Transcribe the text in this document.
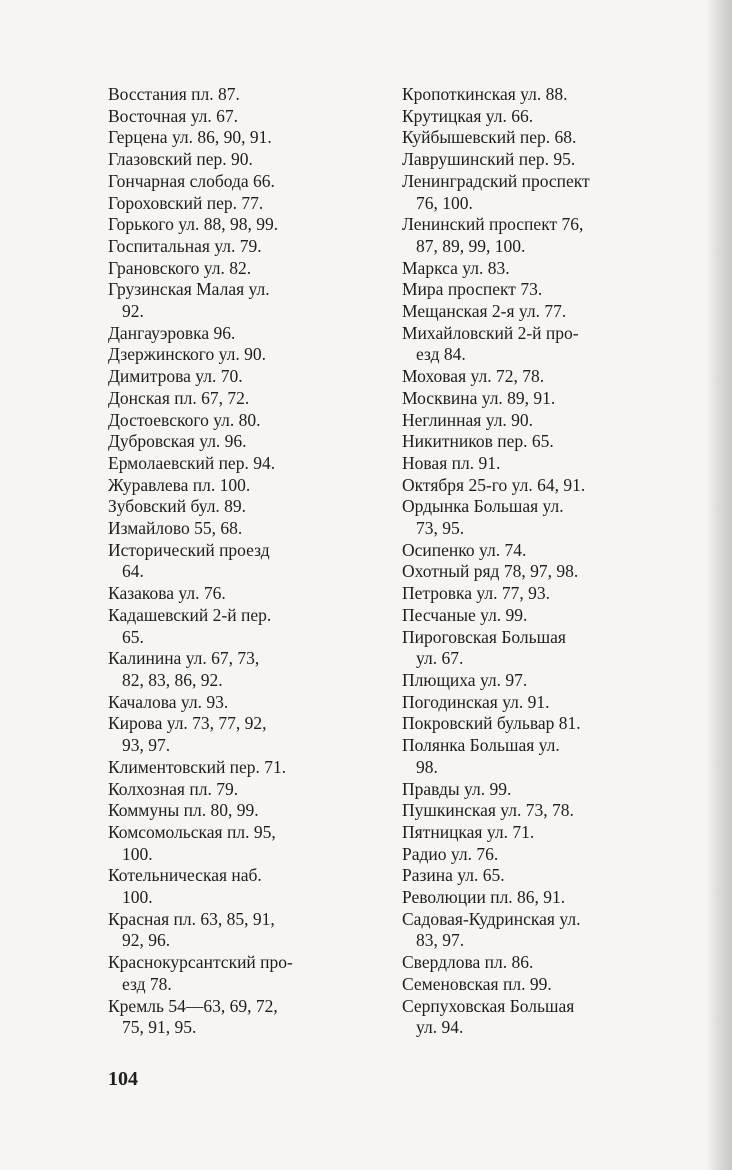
Восстания пл. 87.
Восточная ул. 67.
Герцена ул. 86, 90, 91.
Глазовский пер. 90.
Гончарная слобода 66.
Гороховский пер. 77.
Горького ул. 88, 98, 99.
Госпитальная ул. 79.
Грановского ул. 82.
Грузинская Малая ул.
92.
Дангауэровка 96.
Дзержинского ул. 90.
Димитрова ул. 70.
Донская пл. 67, 72.
Достоевского ул. 80.
Дубровская ул. 96.
Ермолаевский пер. 94.
Журавлева пл. 100.
Зубовский бул. 89.
Измайлово 55, 68.
Исторический проезд
64.
Казакова ул. 76.
Кадашевский 2-й пер.
65.
Калинина ул. 67, 73,
82, 83, 86, 92.
Качалова ул. 93.
Кирова ул. 73, 77, 92,
93, 97.
Климентовский пер. 71.
Колхозная пл. 79.
Коммуны пл. 80, 99.
Комсомольская пл. 95,
100.
Котельническая наб.
100.
Красная пл. 63, 85, 91,
92, 96.
Краснокурсантский про-
езд 78.
Кремль 54—63, 69, 72,
75, 91, 95.
Кропоткинская ул. 88.
Крутицкая ул. 66.
Куйбышевский пер. 68.
Лаврушинский пер. 95.
Ленинградский проспект
76, 100.
Ленинский проспект 76,
87, 89, 99, 100.
Маркса ул. 83.
Мира проспект 73.
Мещанская 2-я ул. 77.
Михайловский 2-й про-
езд 84.
Моховая ул. 72, 78.
Москвина ул. 89, 91.
Неглинная ул. 90.
Никитников пер. 65.
Новая пл. 91.
Октября 25-го ул. 64, 91.
Ордынка Большая ул.
73, 95.
Осипенко ул. 74.
Охотный ряд 78, 97, 98.
Петровка ул. 77, 93.
Песчаные ул. 99.
Пироговская Большая
ул. 67.
Плющиха ул. 97.
Погодинская ул. 91.
Покровский бульвар 81.
Полянка Большая ул.
98.
Правды ул. 99.
Пушкинская ул. 73, 78.
Пятницкая ул. 71.
Радио ул. 76.
Разина ул. 65.
Революции пл. 86, 91.
Садовая-Кудринская ул.
83, 97.
Свердлова пл. 86.
Семеновская пл. 99.
Серпуховская Большая
ул. 94.
104
